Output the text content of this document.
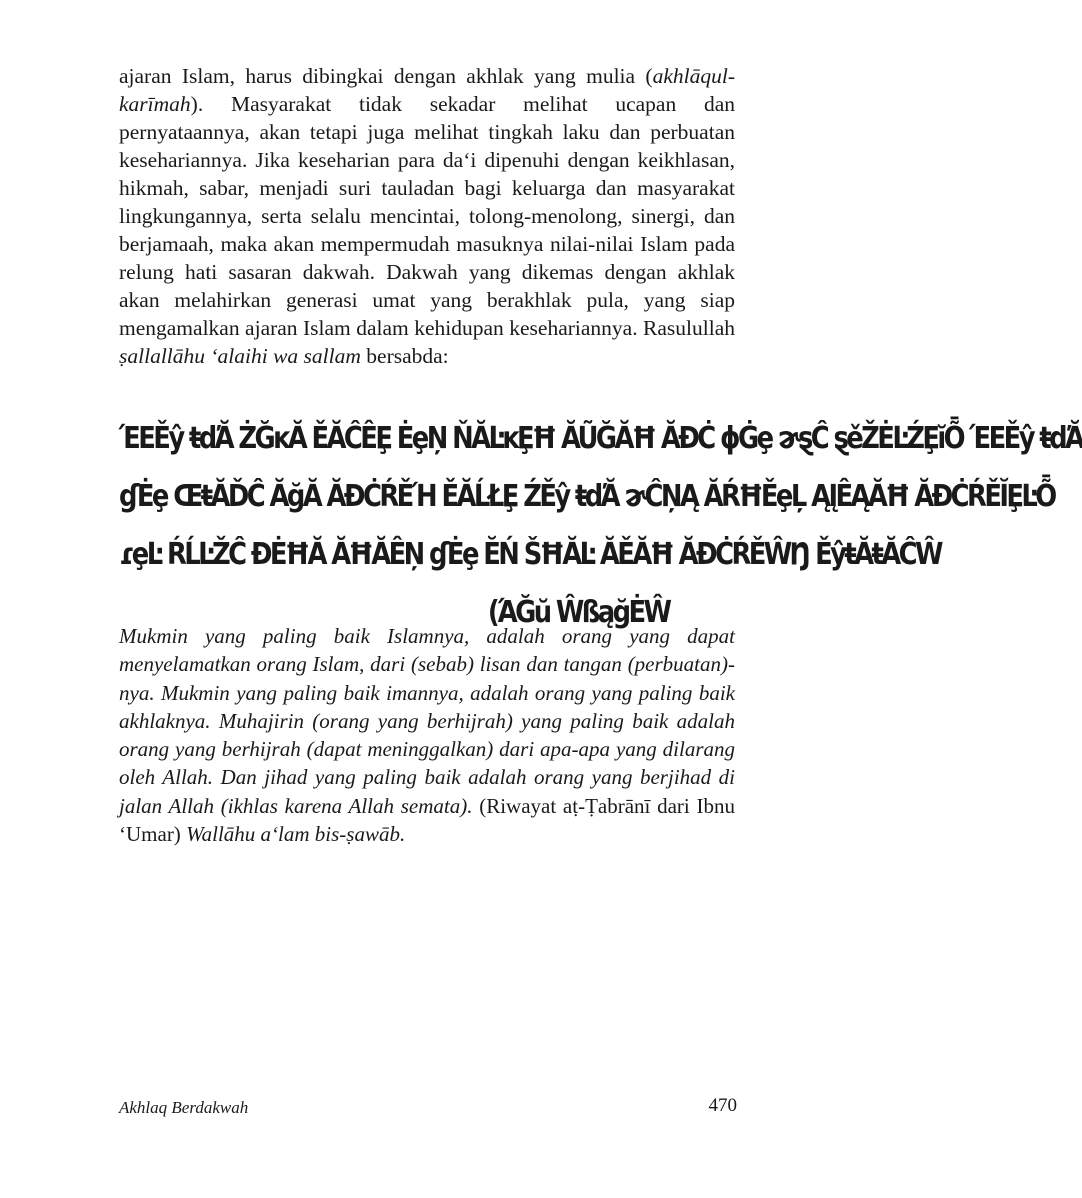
ajaran Islam, harus dibingkai dengan akhlak yang mulia (akhlāqul-karīmah). Masyarakat tidak sekadar melihat ucapan dan pernyataannya, akan tetapi juga melihat tingkah laku dan perbuatan kesehariannya. Jika keseharian para da‘i dipenuhi dengan keikhlasan, hikmah, sabar, menjadi suri tauladan bagi keluarga dan masyarakat lingkungannya, serta selalu mencintai, tolong-menolong, sinergi, dan berjamaah, maka akan mempermudah masuknya nilai-nilai Islam pada relung hati sasaran dakwah. Dakwah yang dikemas dengan akhlak akan melahirkan generasi umat yang berakhlak pula, yang siap mengamalkan ajaran Islam dalam kehidupan kesehariannya. Rasulullah ṣallallāhu ‘alaihi wa sallam bersabda:

ΈΕĚŷ ŧďĂ ŻĞĸĂ ĚĂĈÊȨ ĖȩŅ ŇĂĿĸȨĦ ĂŨĞĂĦ ĂĐĊ ɸĠȩ ɚȿĈ ȿěŽĖĿŹȨĭȬ ΈΕĚŷ ŧďĂ
ɠĖȩ ŒŧĂĎĈ ĂğĂ ĂĐĊŔĚΉ ĚĂĹŁȨ ŹĚŷ ŧďĂ ɚĈŅĄ ĂŔĦĚȩĻ ĄĮÊĄĂĦ ĂĐĊŔĚĬȨĿȬ
ɾȩĿ ŔĹĿŽĈ ĐĖĦĂ ĂĦĂÊŅ ɠĖȩ ĔŃ ŠĦĂĿ ĂĚĂĦ ĂĐĊŔĚŴŊ ĚŷŧĂŧĂĈŴ
(ΆĞŭ ŴßąğĖŴ

Mukmin yang paling baik Islamnya, adalah orang yang dapat menyelamatkan orang Islam, dari (sebab) lisan dan tangan (perbuatan)-nya. Mukmin yang paling baik imannya, adalah orang yang paling baik akhlaknya. Muhajirin (orang yang berhijrah) yang paling baik adalah orang yang berhijrah (dapat meninggalkan) dari apa-apa yang dilarang oleh Allah. Dan jihad yang paling baik adalah orang yang berjihad di jalan Allah (ikhlas karena Allah semata). (Riwayat aṭ-Ṭabrānī dari Ibnu ‘Umar) Wallāhu a‘lam bis-ṣawāb.

Akhlaq Berdakwah	470
